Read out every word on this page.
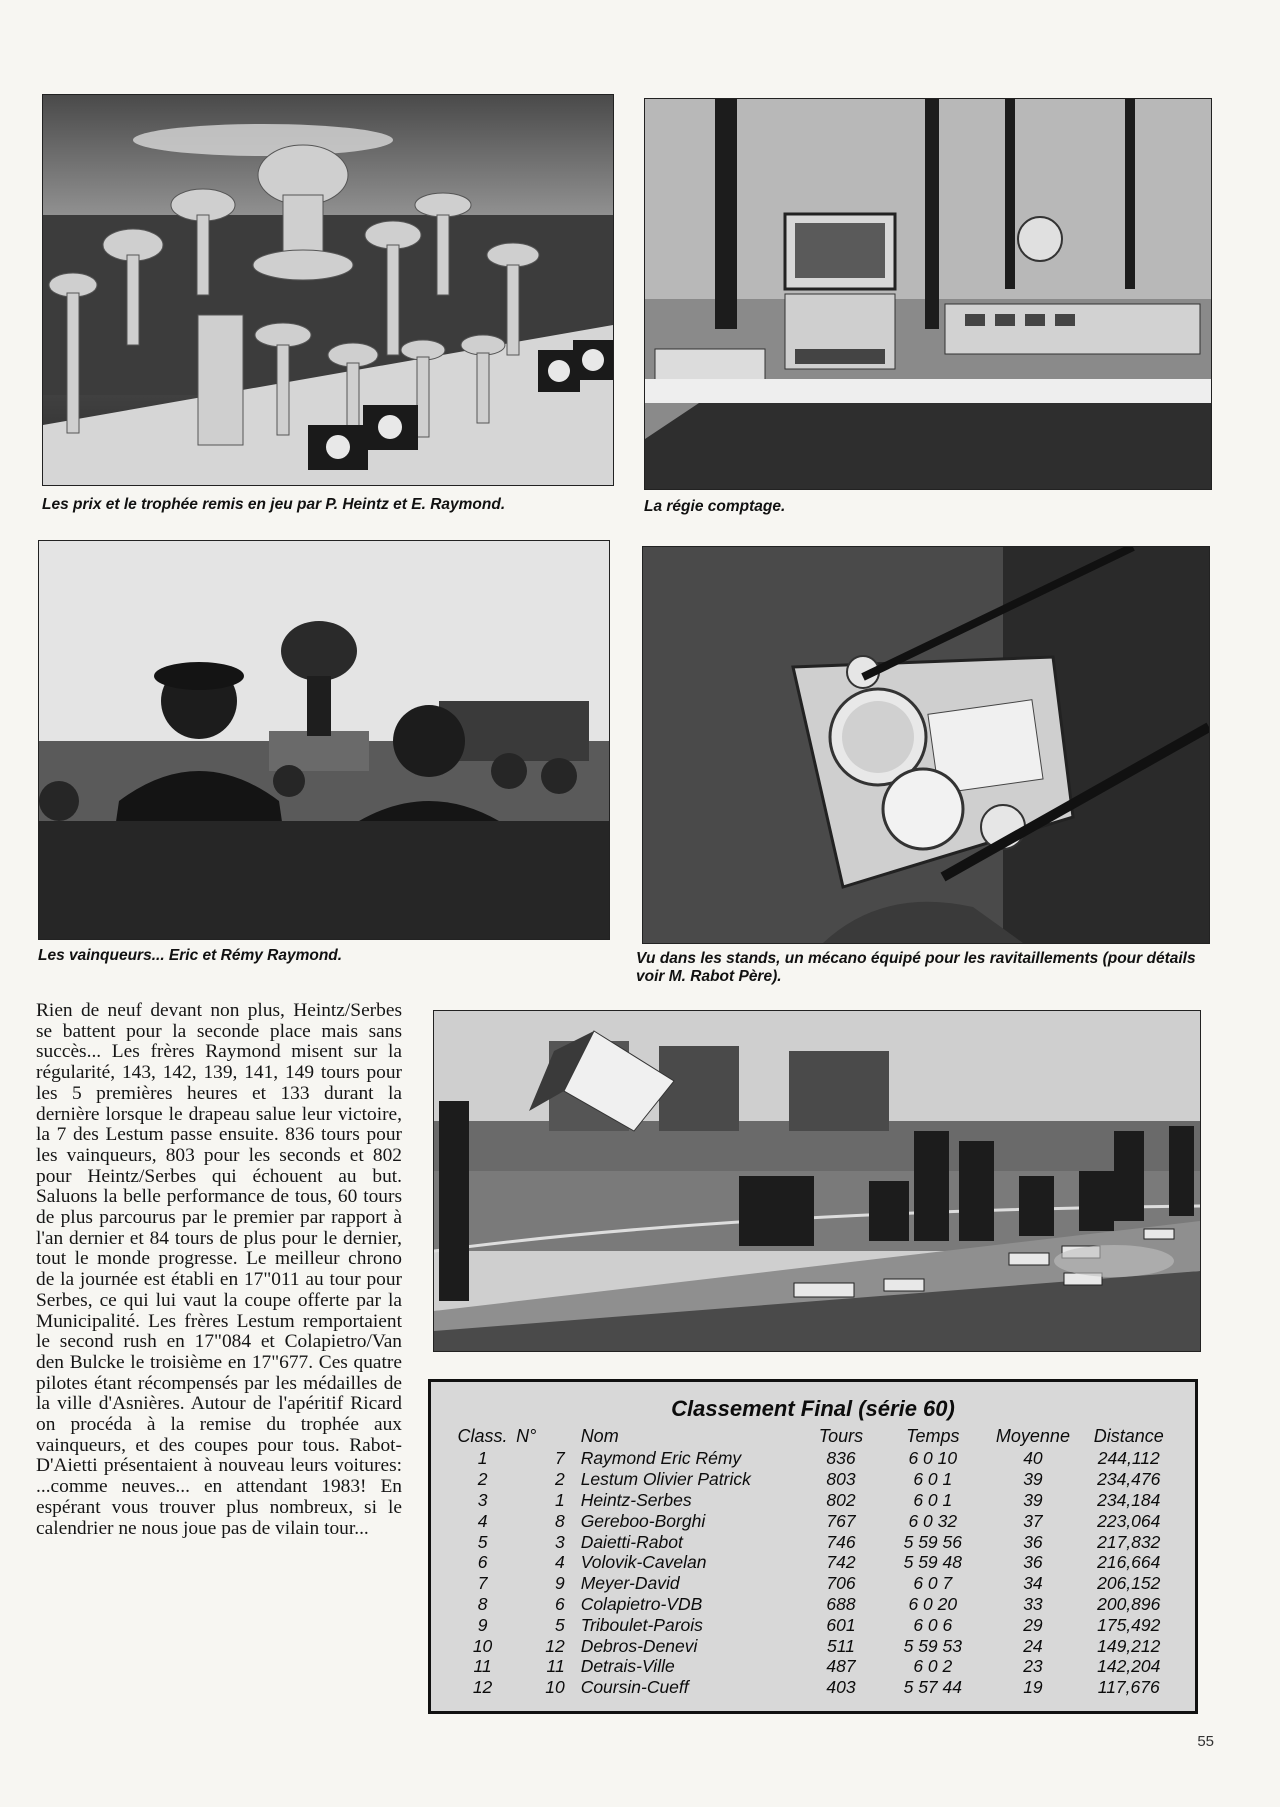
Les prix et le trophée remis en jeu par P. Heintz et E. Raymond.	La régie comptage.
Les vainqueurs... Eric et Rémy Raymond.	Vu dans les stands, un mécano équipé pour les ravitaillements (pour détails voir M. Rabot Père).
Rien de neuf devant non plus, Heintz/Serbes se battent pour la seconde place mais sans succès... Les frères Raymond misent sur la régularité, 143, 142, 139, 141, 149 tours pour les 5 premières heures et 133 durant la dernière lorsque le drapeau salue leur victoire, la 7 des Lestum passe ensuite. 836 tours pour les vainqueurs, 803 pour les seconds et 802 pour Heintz/Serbes qui échouent au but. Saluons la belle performance de tous, 60 tours de plus parcourus par le premier par rapport à l'an dernier et 84 tours de plus pour le dernier, tout le monde progresse. Le meilleur chrono de la journée est établi en 17"011 au tour pour Serbes, ce qui lui vaut la coupe offerte par la Municipalité. Les frères Lestum remportaient le second rush en 17"084 et Colapietro/Van den Bulcke le troisième en 17"677. Ces quatre pilotes étant récompensés par les médailles de la ville d'Asnières. Autour de l'apéritif Ricard on procéda à la remise du trophée aux vainqueurs, et des coupes pour tous. Rabot-D'Aietti présentaient à nouveau leurs voitures: ...comme neuves... en attendant 1983! En espérant vous trouver plus nombreux, si le calendrier ne nous joue pas de vilain tour...
Classement Final (série 60)
Class.	N°	Nom	Tours	Temps	Moyenne	Distance
1	7	Raymond Eric Rémy	836	6 0 10	40	244,112
2	2	Lestum Olivier Patrick	803	6 0 1	39	234,476
3	1	Heintz-Serbes	802	6 0 1	39	234,184
4	8	Gereboo-Borghi	767	6 0 32	37	223,064
5	3	Daietti-Rabot	746	5 59 56	36	217,832
6	4	Volovik-Cavelan	742	5 59 48	36	216,664
7	9	Meyer-David	706	6 0 7	34	206,152
8	6	Colapietro-VDB	688	6 0 20	33	200,896
9	5	Triboulet-Parois	601	6 0 6	29	175,492
10	12	Debros-Denevi	511	5 59 53	24	149,212
11	11	Detrais-Ville	487	6 0 2	23	142,204
12	10	Coursin-Cueff	403	5 57 44	19	117,676
55
